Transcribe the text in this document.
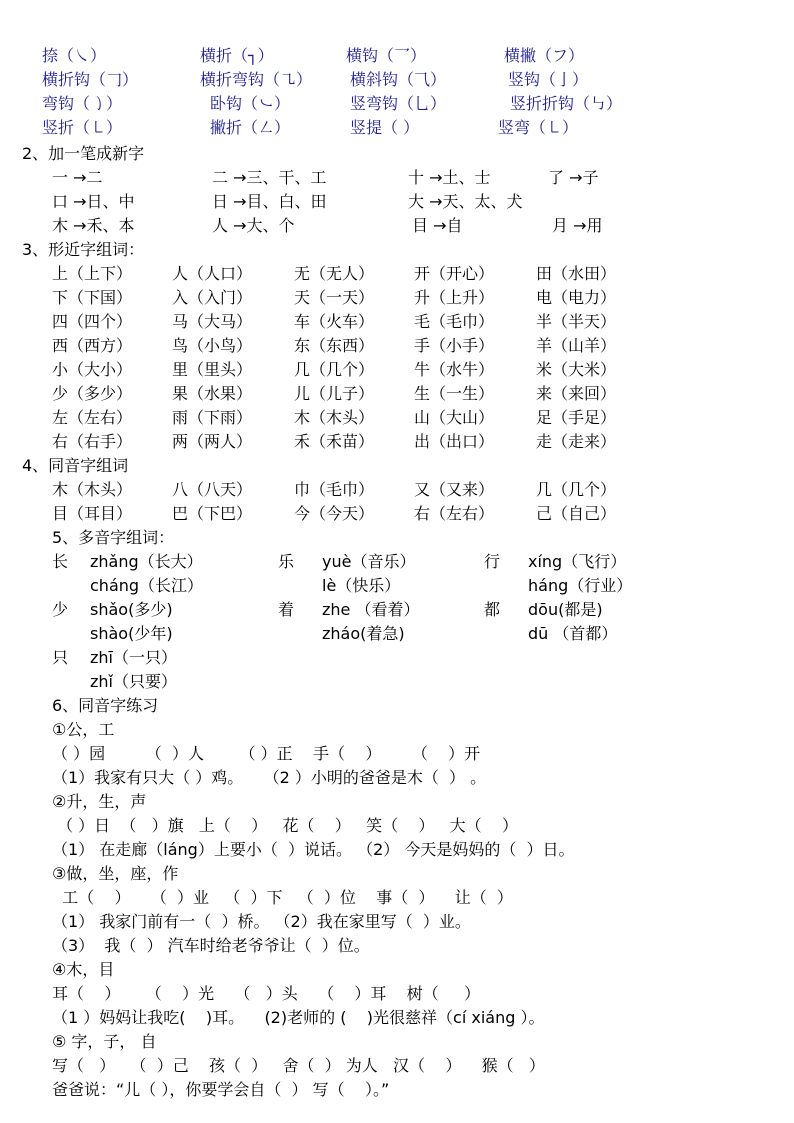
捺（㇏）	横折（┐）	横钩（乛）	横撇（フ）
横折钩（𠃌）	横折弯钩（㇈） 横斜钩（⺄）	竖钩（亅）
弯钩（㇁）	卧钩（㇃）	竖弯钩（乚）	竖折折钩（㇉）
竖折（㇄）	撇折（㇜）	竖提（ ）	竖弯（㇄）
2、加一笔成新字
一 →二	二 →三、干、工	十 →土、士	了 →子
口 →日、中	日 →目、白、田	大 →天、太、犬
木 →禾、本	人 →大、个	目 →自	月 →用
3、形近字组词：
上（上下） 人（人口）	无（无人） 开（开心）	田（水田）
下（下国） 入（入门）	天（一天） 升（上升）	电（电力）
四（四个） 马（大马）	车（火车） 毛（毛巾）	半（半天）
西（西方） 鸟（小鸟）	东（东西） 手（小手）	羊（山羊）
小（大小） 里（里头）	几（几个） 牛（水牛）	米（大米）
少（多少） 果（水果）	儿（儿子） 生（一生）	来（来回）
左（左右） 雨（下雨）	木（木头） 山（大山）	足（手足）
右（右手） 两（两人）	禾（禾苗） 出（出口）	走（走来）
4、同音字组词
木（木头） 八（八天）	巾（毛巾） 又（又来）	几（几个）
目（耳目） 巴（下巴）	今（今天） 右（左右）	己（自己）
5、多音字组词：
长 zhǎng（长大）	乐 yuè（音乐）	行 xíng（飞行）
cháng（长江）	lè（快乐）	háng（行业）
少 shǎo(多少)	着 zhe （看着）	都 dōu(都是)
shào(少年)	zháo(着急)	dū （首都）
只 zhī（一只）
zhǐ（只要）
6、同音字练习
①公，工
（ ）园        （  ）人       （ ）正    手（    ）      （    ）开
（1）我家有只大（ ）鸡。    （2 ）小明的爸爸是木（  ） 。
②升，生，声
（ ）日  （   ）旗   上（    ）   花（    ）   笑（    ）   大（    ）
（1） 在走廊（láng）上要小（  ）说话。 （2） 今天是妈妈的（  ）日。
③做，坐，座，作
工（    ）    （  ）业   （  ）下   （  ）位    事（  ）    让（  ）
（1） 我家门前有一（  ）桥。 （2）我在家里写（  ）业。
（3）  我（  ） 汽车时给老爷爷让（  ）位。
④木，目
耳（    ）     （    ）光    （   ）头    （    ）耳    树（     ）
（1 ）妈妈让我吃(    )耳。    (2)老师的 (    )光很慈祥（cí xiáng ）。
⑤ 字，子， 自
写（   ）   （  ）己    孩（  ）   舍（  ） 为人   汉（    ）    猴（   ）
爸爸说：“儿（ ），你要学会自（  ） 写（    ）。”
